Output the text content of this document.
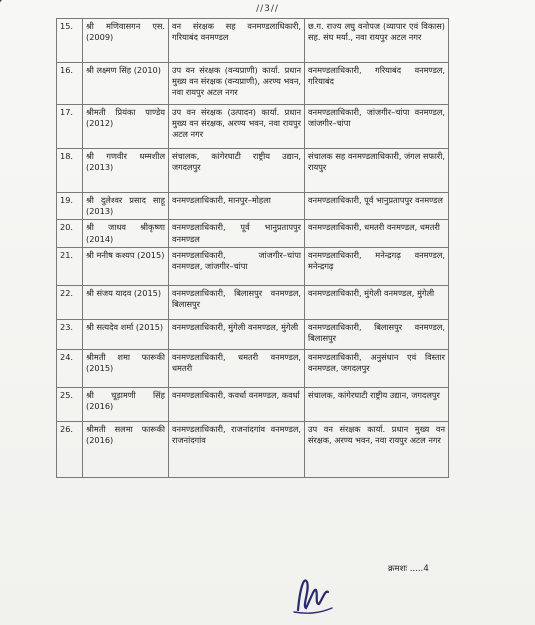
//3//
15.	श्री मणिवासगन एस. (2009)	वन संरक्षक सह वनमण्डलाधिकारी, गरियाबंद वनमण्डल	छ.ग. राज्य लघु वनोपज (व्यापार एवं विकास) सह. संघ मर्या., नवा रायपुर अटल नगर
16.	श्री लक्ष्मण सिंह (2010)	उप वन संरक्षक (वन्यप्राणी) कार्या. प्रधान मुख्य वन संरक्षक (वन्यप्राणी), अरण्य भवन, नवा रायपुर अटल नगर	वनमण्डलाधिकारी, गरियाबंद वनमण्डल, गरियाबंद
17.	श्रीमती प्रियंका पाण्डेय (2012)	उप वन संरक्षक (उत्पादन) कार्या. प्रधान मुख्य वन संरक्षक, अरण्य भवन, नवा रायपुर अटल नगर	वनमण्डलाधिकारी, जांजगीर–चांपा वनमण्डल, जांजगीर–चांपा
18.	श्री गणवीर धम्मशील (2013)	संचालक, कांगेरघाटी राष्ट्रीय उद्यान, जगदलपुर	संचालक सह वनमण्डलाधिकारी, जंगल सफारी, रायपुर
19.	श्री दुलेश्वर प्रसाद साहू (2013)	वनमण्डलाधिकारी, मानपुर–मोहला	वनमण्डलाधिकारी, पूर्व भानुप्रतापपुर वनमण्डल
20.	श्री जाधव श्रीकृष्णा (2014)	वनमण्डलाधिकारी, पूर्व भानुप्रतापपुर वनमण्डल	वनमण्डलाधिकारी, धमतरी वनमण्डल, धमतरी
21.	श्री मनीष कश्यप (2015)	वनमण्डलाधिकारी, जांजगीर–चांपा वनमण्डल, जांजगीर–चांपा	वनमण्डलाधिकारी, मनेन्द्रगढ़ वनमण्डल, मनेन्द्रगढ़
22.	श्री संजय यादव (2015)	वनमण्डलाधिकारी, बिलासपुर वनमण्डल, बिलासपुर	वनमण्डलाधिकारी, मुंगेली वनमण्डल, मुंगेली
23.	श्री सत्यदेव शर्मा (2015)	वनमण्डलाधिकारी, मुंगेली वनमण्डल, मुंगेली	वनमण्डलाधिकारी, बिलासपुर वनमण्डल, बिलासपुर
24.	श्रीमती शमा फारूकी (2015)	वनमण्डलाधिकारी, धमतरी वनमण्डल, धमतरी	वनमण्डलाधिकारी, अनुसंधान एवं विस्तार वनमण्डल, जगदलपुर
25.	श्री चूड़ामणी सिंह (2016)	वनमण्डलाधिकारी, कवर्धा वनमण्डल, कवर्धा	संचालक, कांगेरघाटी राष्ट्रीय उद्यान, जगदलपुर
26.	श्रीमती सलमा फारूकी (2016)	वनमण्डलाधिकारी, राजनांदगांव वनमण्डल, राजनांदगांव	उप वन संरक्षक कार्या. प्रधान मुख्य वन संरक्षक, अरण्य भवन, नवा रायपुर अटल नगर
क्रमशः .....4
